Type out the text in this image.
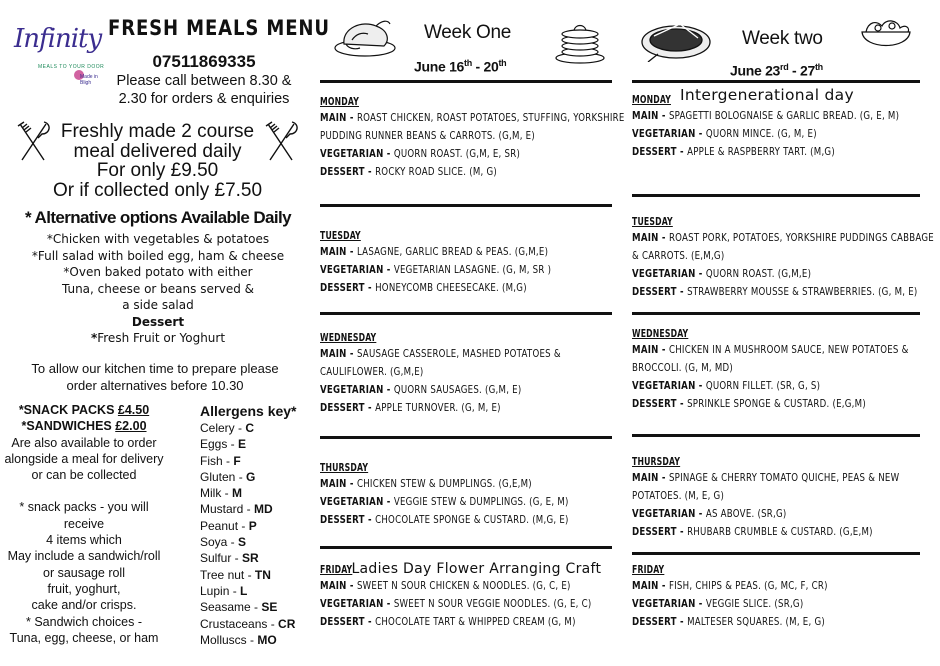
Infinity
MEALS TO YOUR DOOR
Made in Bligh
FRESH MEALS MENU
07511869335
Please call between 8.30 &
2.30 for orders & enquiries
Freshly made 2 course
meal delivered daily
For only £9.50
Or if collected only £7.50
* Alternative options Available Daily
*Chicken with vegetables & potatoes
*Full salad with boiled egg, ham & cheese
*Oven baked potato with either
Tuna, cheese or beans served &
a side salad
Dessert
*Fresh Fruit or Yoghurt
To allow our kitchen time to prepare please
order alternatives before 10.30
*SNACK PACKS £4.50
*SANDWICHES £2.00
Are also available to order
alongside a meal for delivery
or can be collected
* snack packs - you will
receive
4 items which
May include a sandwich/roll
or sausage roll
fruit, yoghurt,
cake and/or crisps.
* Sandwich choices -
Tuna, egg, cheese, or ham
Allergens key*
Celery - C
Eggs - E
Fish - F
Gluten - G
Milk - M
Mustard - MD
Peanut - P
Soya - S
Sulfur - SR
Tree nut - TN
Lupin - L
Seasame - SE
Crustaceans - CR
Molluscs - MO
Week One
June 16th - 20th
MONDAY
MAIN - ROAST CHICKEN, ROAST POTATOES, STUFFING, YORKSHIRE
PUDDING RUNNER BEANS & CARROTS. (G,M, E)
VEGETARIAN - QUORN ROAST. (G,M, E, SR)
DESSERT - ROCKY ROAD SLICE. (M, G)
TUESDAY
MAIN - LASAGNE, GARLIC BREAD & PEAS. (G,M,E)
VEGETARIAN - VEGETARIAN LASAGNE. (G, M, SR )
DESSERT - HONEYCOMB CHEESECAKE. (M,G)
WEDNESDAY
MAIN - SAUSAGE CASSEROLE, MASHED POTATOES &
CAULIFLOWER. (G,M,E)
VEGETARIAN - QUORN SAUSAGES. (G,M, E)
DESSERT - APPLE TURNOVER. (G, M, E)
THURSDAY
MAIN - CHICKEN STEW & DUMPLINGS. (G,E,M)
VEGETARIAN - VEGGIE STEW & DUMPLINGS. (G, E, M)
DESSERT - CHOCOLATE SPONGE & CUSTARD. (M,G, E)
FRIDAYLadies Day Flower Arranging Craft
MAIN - SWEET N SOUR CHICKEN & NOODLES. (G, C, E)
VEGETARIAN - SWEET N SOUR VEGGIE NOODLES. (G, E, C)
DESSERT - CHOCOLATE TART & WHIPPED CREAM (G, M)
Week two
June 23rd - 27th
MONDAY Intergenerational day
MAIN - SPAGETTI BOLOGNAISE & GARLIC BREAD. (G, E, M)
VEGETARIAN - QUORN MINCE. (G, M, E)
DESSERT - APPLE & RASPBERRY TART. (M,G)
TUESDAY
MAIN - ROAST PORK, POTATOES, YORKSHIRE PUDDINGS CABBAGE
& CARROTS. (E,M,G)
VEGETARIAN - QUORN ROAST. (G,M,E)
DESSERT - STRAWBERRY MOUSSE & STRAWBERRIES. (G, M, E)
WEDNESDAY
MAIN - CHICKEN IN A MUSHROOM SAUCE, NEW POTATOES &
BROCCOLI. (G, M, MD)
VEGETARIAN - QUORN FILLET. (SR, G, S)
DESSERT - SPRINKLE SPONGE & CUSTARD. (E,G,M)
THURSDAY
MAIN - SPINAGE & CHERRY TOMATO QUICHE, PEAS & NEW
POTATOES. (M, E, G)
VEGETARIAN - AS ABOVE. (SR,G)
DESSERT - RHUBARB CRUMBLE & CUSTARD. (G,E,M)
FRIDAY
MAIN - FISH, CHIPS & PEAS. (G, MC, F, CR)
VEGETARIAN - VEGGIE SLICE. (SR,G)
DESSERT - MALTESER SQUARES. (M, E, G)
